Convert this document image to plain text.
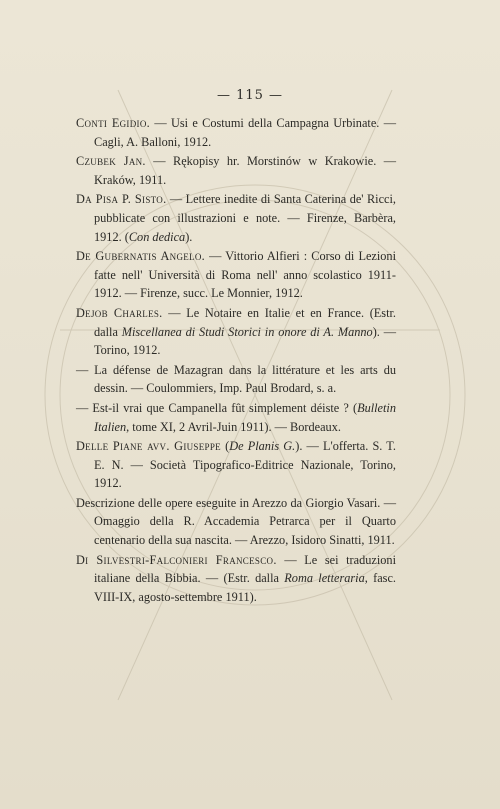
— 115 —

Conti Egidio. — Usi e Costumi della Campagna Urbinate. — Cagli, A. Balloni, 1912.

Czubek Jan. — Rękopisy hr. Morstinów w Krakowie. — Kraków, 1911.

Da Pisa P. Sisto. — Lettere inedite di Santa Caterina de' Ricci, pubblicate con illustrazioni e note. — Firenze, Barbèra, 1912. (Con dedica).

De Gubernatis Angelo. — Vittorio Alfieri : Corso di Lezioni fatte nell' Università di Roma nell' anno scolastico 1911-1912. — Firenze, succ. Le Monnier, 1912.

Dejob Charles. — Le Notaire en Italie et en France. (Estr. dalla Miscellanea di Studi Storici in onore di A. Manno). — Torino, 1912.

— La défense de Mazagran dans la littérature et les arts du dessin. — Coulommiers, Imp. Paul Brodard, s. a.

— Est-il vrai que Campanella fût simplement déiste ? (Bulletin Italien, tome XI, 2 Avril-Juin 1911). — Bordeaux.

Delle Piane avv. Giuseppe (De Planis G.). — L'offerta. S. T. E. N. — Società Tipografico-Editrice Nazionale, Torino, 1912.

Descrizione delle opere eseguite in Arezzo da Giorgio Vasari. — Omaggio della R. Accademia Petrarca per il Quarto centenario della sua nascita. — Arezzo, Isidoro Sinatti, 1911.

Di Silvestri-Falconieri Francesco. — Le sei traduzioni italiane della Bibbia. — (Estr. dalla Roma letteraria, fasc. VIII-IX, agosto-settembre 1911).
